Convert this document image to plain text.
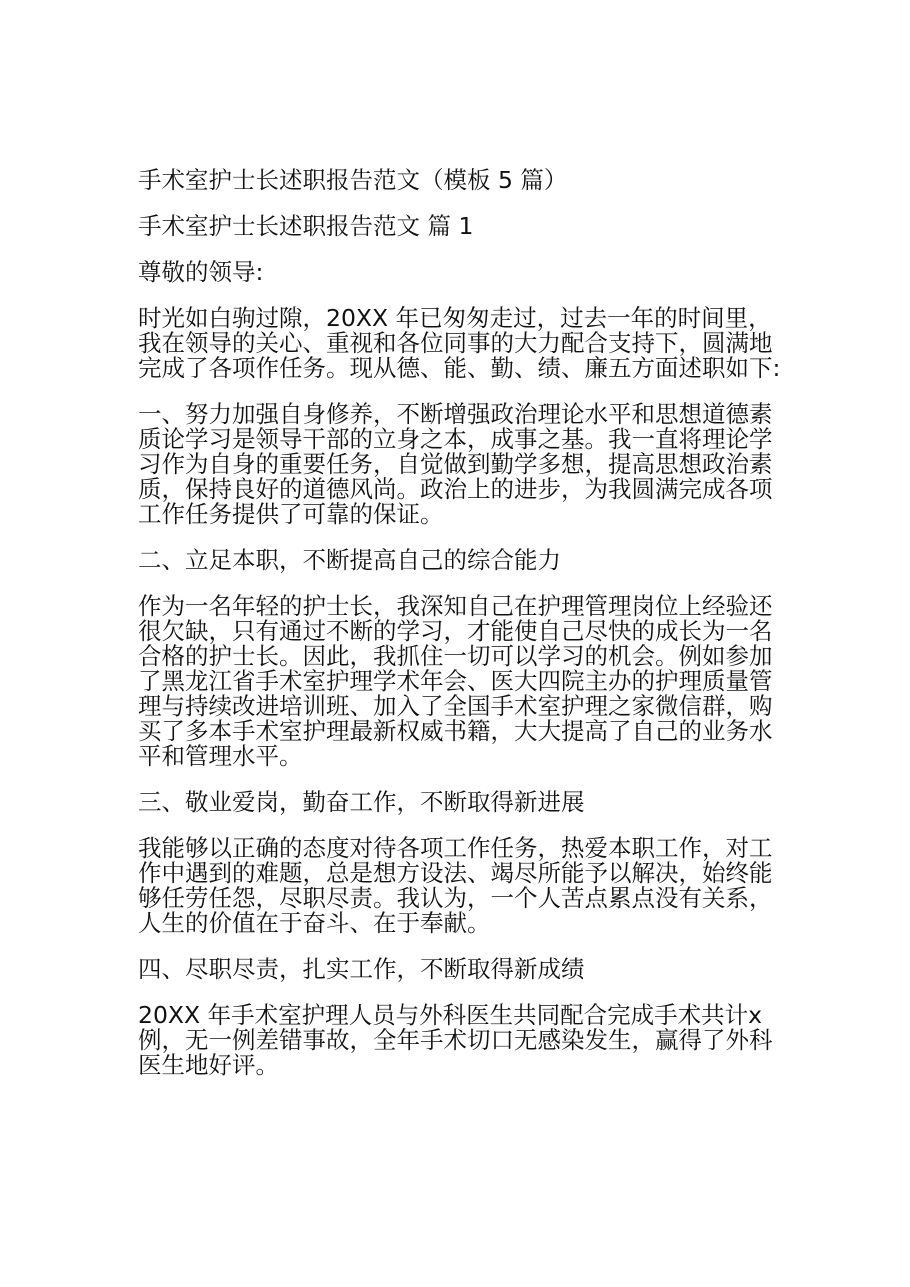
手术室护士长述职报告范文（模板 5 篇）

手术室护士长述职报告范文 篇 1

尊敬的领导:

时光如白驹过隙，20XX 年已匆匆走过，过去一年的时间里，我在领导的关心、重视和各位同事的大力配合支持下，圆满地完成了各项作任务。现从德、能、勤、绩、廉五方面述职如下:

一、努力加强自身修养，不断增强政治理论水平和思想道德素质论学习是领导干部的立身之本，成事之基。我一直将理论学习作为自身的重要任务，自觉做到勤学多想，提高思想政治素质，保持良好的道德风尚。政治上的进步，为我圆满完成各项工作任务提供了可靠的保证。

二、立足本职，不断提高自己的综合能力

作为一名年轻的护士长，我深知自己在护理管理岗位上经验还很欠缺，只有通过不断的学习，才能使自己尽快的成长为一名合格的护士长。因此，我抓住一切可以学习的机会。例如参加了黑龙江省手术室护理学术年会、医大四院主办的护理质量管理与持续改进培训班、加入了全国手术室护理之家微信群，购买了多本手术室护理最新权威书籍，大大提高了自己的业务水平和管理水平。

三、敬业爱岗，勤奋工作，不断取得新进展

我能够以正确的态度对待各项工作任务，热爱本职工作，对工作中遇到的难题，总是想方设法、竭尽所能予以解决，始终能够任劳任怨，尽职尽责。我认为，一个人苦点累点没有关系，人生的价值在于奋斗、在于奉献。

四、尽职尽责，扎实工作，不断取得新成绩

20XX 年手术室护理人员与外科医生共同配合完成手术共计x 例，无一例差错事故，全年手术切口无感染发生，赢得了外科医生地好评。
